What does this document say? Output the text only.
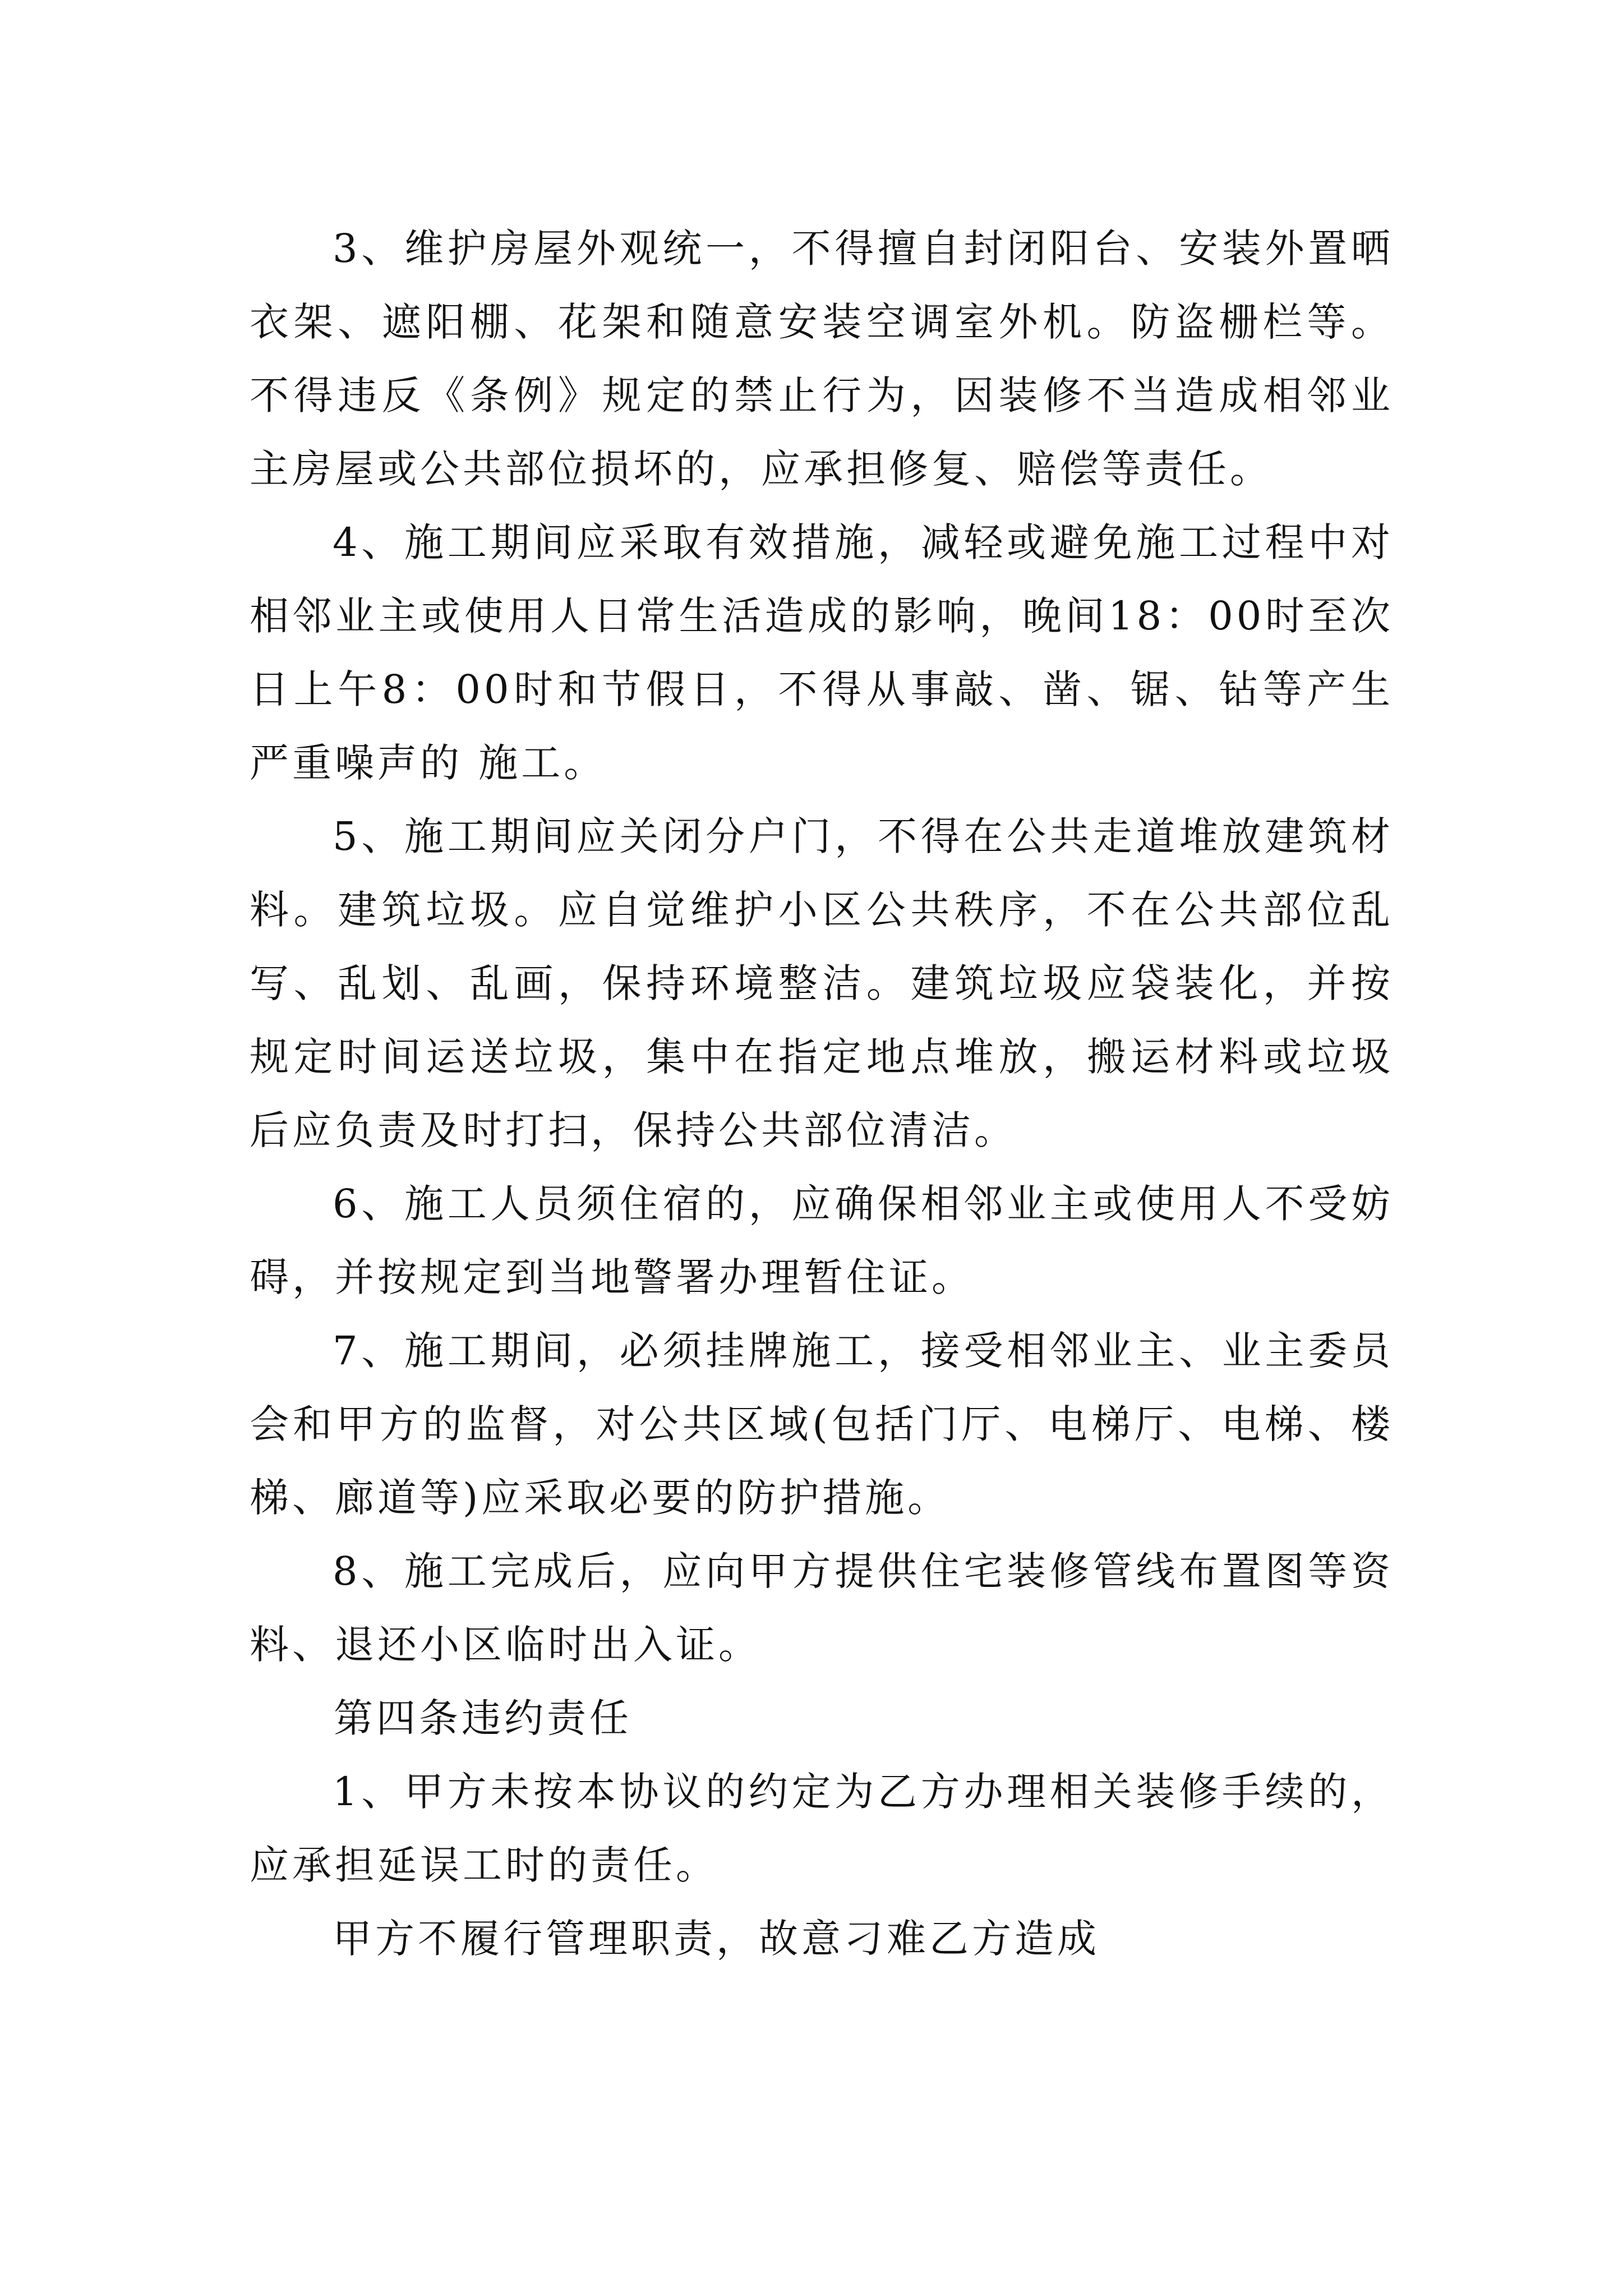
3、维护房屋外观统一，不得擅自封闭阳台、安装外置晒衣架、遮阳棚、花架和随意安装空调室外机。防盗栅栏等。不得违反《条例》规定的禁止行为，因装修不当造成相邻业主房屋或公共部位损坏的，应承担修复、赔偿等责任。

4、施工期间应采取有效措施，减轻或避免施工过程中对相邻业主或使用人日常生活造成的影响，晚间18：00时至次日上午8：00时和节假日，不得从事敲、凿、锯、钻等产生严重噪声的 施工。

5、施工期间应关闭分户门，不得在公共走道堆放建筑材料。建筑垃圾。应自觉维护小区公共秩序，不在公共部位乱写、乱划、乱画，保持环境整洁。建筑垃圾应袋装化，并按规定时间运送垃圾，集中在指定地点堆放，搬运材料或垃圾后应负责及时打扫，保持公共部位清洁。

6、施工人员须住宿的，应确保相邻业主或使用人不受妨碍，并按规定到当地警署办理暂住证。

7、施工期间，必须挂牌施工，接受相邻业主、业主委员会和甲方的监督，对公共区域(包括门厅、电梯厅、电梯、楼梯、廊道等)应采取必要的防护措施。

8、施工完成后，应向甲方提供住宅装修管线布置图等资料、退还小区临时出入证。

第四条违约责任

1、甲方未按本协议的约定为乙方办理相关装修手续的，应承担延误工时的责任。

甲方不履行管理职责，故意刁难乙方造成
